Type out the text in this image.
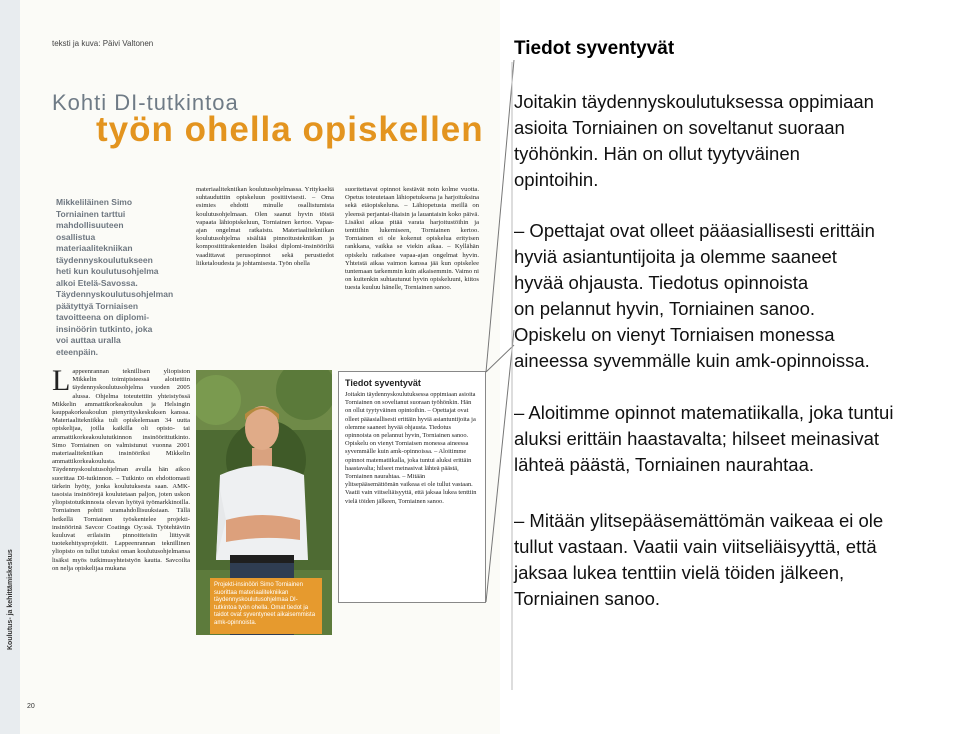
Koulutus- ja kehittämiskeskus
teksti ja kuva: Päivi Valtonen
Kohti DI-tutkintoa
työn ohella opiskellen
Mikkeliläinen Simo Torniainen tarttui mahdollisuuteen osallistua materiaalitekniikan täydennyskoulutukseen heti kun koulutusohjelma alkoi Etelä-Savossa. Täydennyskoulutusohjelman päätyttyä Torniaisen tavoitteena on diplomi-insinöörin tutkinto, joka voi auttaa uralla eteenpäin.
materiaalitekniikan koulutusohjelmassa. Yritykseltä suhtauduttiin opiskeluun positiivisesti. – Oma esimies ehdotti minulle osallistumista koulutusohjelmaan. Olen saanut hyvin töistä vapaata lähiopiskeluun, Torniainen kertoo. Vapaa-ajan ongelmat ratkaistu. Materiaalitekniikan koulutusohjelma sisältää pinnoitustekniikan ja komposiittirakenteiden lisäksi diplomi-insinööriltä vaadittavat perusopinnot sekä perustiedot liiketaloudesta ja johtamisesta. Työn ohella
suoritettavat opinnot kestävät noin kolme vuotta. Opetus toteutetaan lähiopetuksena ja harjoituksina sekä etäopiskeluna. – Lähiopetusta meillä on yleensä perjantai-iltaisin ja lauantaisin koko päivä. Lisäksi aikaa pitää varata harjoitustöihin ja tenttiihin lukemiseen, Torniainen kertoo. Torniainen ei ole kokenut opiskelua erityisen rankkana, vaikka se viekin aikaa. – Kyllähän opiskelu ratkaisee vapaa-ajan ongelmat hyvin. Yhteistä aikaa vaimon kanssa jää kun opiskelee tuntemaan tarkemmin kuin aikaisemmin. Vaimo ni on kuitenkin suhtautunut hyvin opiskeluuni, kiitos tuesta kuuluu hänelle, Torniainen sanoo.
Lappeenrannan teknillisen yliopiston Mikkelin toimipisteessä aloitettiin täydennyskoulutusohjelma vuoden 2005 alussa. Ohjelma toteutettiin yhteistyössä Mikkelin ammattikorkeakoulun ja Helsingin kauppakorkeakoulun pienyrityskeskuksen kanssa. Materiaalitekniikka tuli opiskelemaan 34 uutta opiskelijaa, joilla kaikilla oli opisto- tai ammattikorkeakoulututkinnon insinöörittutkinto. Simo Torniainen on valmistunut vuonna 2001 materiaalitekniikan insinööriksi Mikkelin ammattikorkeakoulusta. Täydennyskoulutusohjelman avulla hän aikoo suorittaa DI-tutkinnon. – Tutkinto on ehdottomasti tärkein hyöty, jonka koulutuksesta saan. AMK-tasoisia insinöörejä koulutetaan paljon, joten uskon yliopistotutkinnosta olevan hyötyä työmarkkinoilla. Torniainen pohtii uramahdollisuuksiaan. Tällä hetkellä Torniainen työskentelee projekti-insinöörinä Savcor Coatings Oy:ssä. Työtehtäviin kuuluvat erilaisiin pinnoitteisiin liittyvät tuotekehitysprojektit. Lappeenrannan teknillinen yliopisto on tullut tutuksi oman koulutusohjelmansa lisäksi myös tutkimusyhteistyön kautta. Savcoilta on nelja opiskelijaa mukana
Projekti-insinööri Simo Torniainen suorittaa materiaalitekniikan täydennyskoulutusohjelmaa DI-tutkintoa työn ohella. Omat tiedot ja taidot ovat syventyneet aikaisemmista amk-opinnoista.
Tiedot syventyvät
Joitakin täydennyskoulutuksessa oppimiaan asioita Torniainen on soveltanut suoraan työhönkin. Hän on ollut tyytyväinen opintoihin. – Opettajat ovat olleet pääasiallisesti erittäin hyviä asiantuntijoita ja olemme saaneet hyvää ohjausta. Tiedotus opinnoista on pelannut hyvin, Torniainen sanoo. Opiskelu on vienyt Torniaisen monessa aineessa syvemmälle kuin amk-opinnoissa. – Aloitimme opinnot matematiikalla, joka tuntui aluksi erittäin haastavalta; hilseet meinasivat lähteä päästä, Torniainen naurahtaa. – Mitään ylitsepääsemättömän vaikeaa ei ole tullut vastaan. Vaatii vain viitseliäisyyttä, että jaksaa lukea tenttiin vielä töiden jälkeen, Torniainen sanoo.
20
Tiedot syventyvät
Joitakin täydennyskoulutuksessa oppimiaan
asioita Torniainen on soveltanut suoraan
työhönkin. Hän on ollut tyytyväinen
opintoihin.
– Opettajat ovat olleet pääasiallisesti erittäin
hyviä asiantuntijoita ja olemme saaneet
hyvää ohjausta. Tiedotus opinnoista
on pelannut hyvin, Torniainen sanoo.
Opiskelu on vienyt Torniaisen monessa
aineessa syvemmälle kuin amk-opinnoissa.
– Aloitimme opinnot matematiikalla, joka tuntui
aluksi erittäin haastavalta; hilseet meinasivat
lähteä päästä, Torniainen naurahtaa.
– Mitään ylitsepääsemättömän vaikeaa ei ole
tullut vastaan. Vaatii vain viitseliäisyyttä, että
jaksaa lukea tenttiin vielä töiden jälkeen,
Torniainen sanoo.
